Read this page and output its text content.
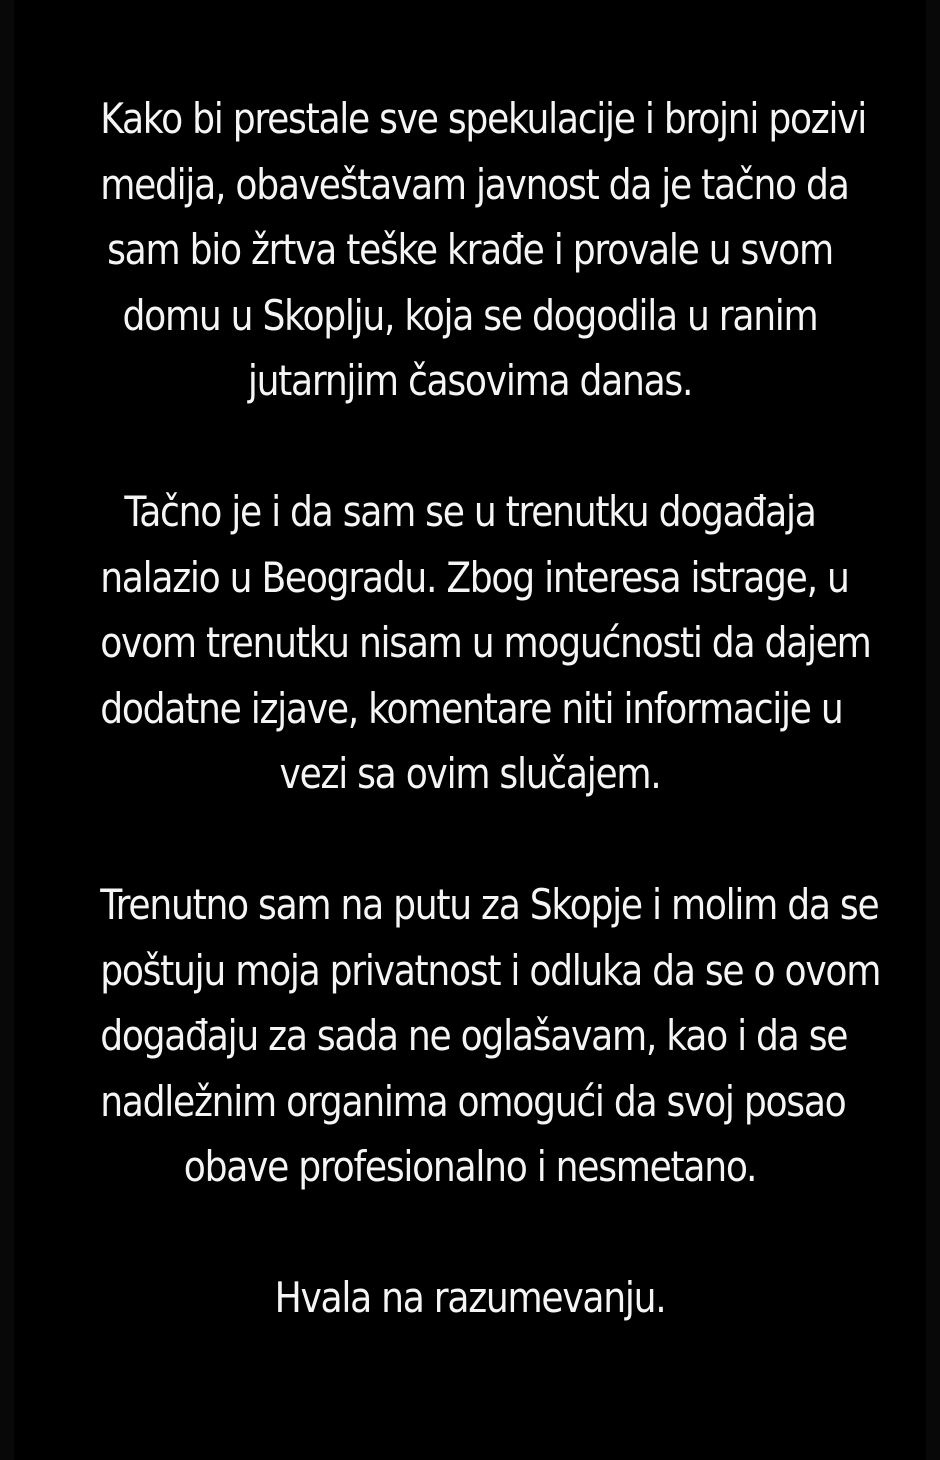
Kako bi prestale sve spekulacije i brojni pozivi
medija, obaveštavam javnost da je tačno da
sam bio žrtva teške krađe i provale u svom
domu u Skoplju, koja se dogodila u ranim
jutarnjim časovima danas.

Tačno je i da sam se u trenutku događaja
nalazio u Beogradu. Zbog interesa istrage, u
ovom trenutku nisam u mogućnosti da dajem
dodatne izjave, komentare niti informacije u
vezi sa ovim slučajem.

Trenutno sam na putu za Skopje i molim da se
poštuju moja privatnost i odluka da se o ovom
događaju za sada ne oglašavam, kao i da se
nadležnim organima omogući da svoj posao
obave profesionalno i nesmetano.

Hvala na razumevanju.
